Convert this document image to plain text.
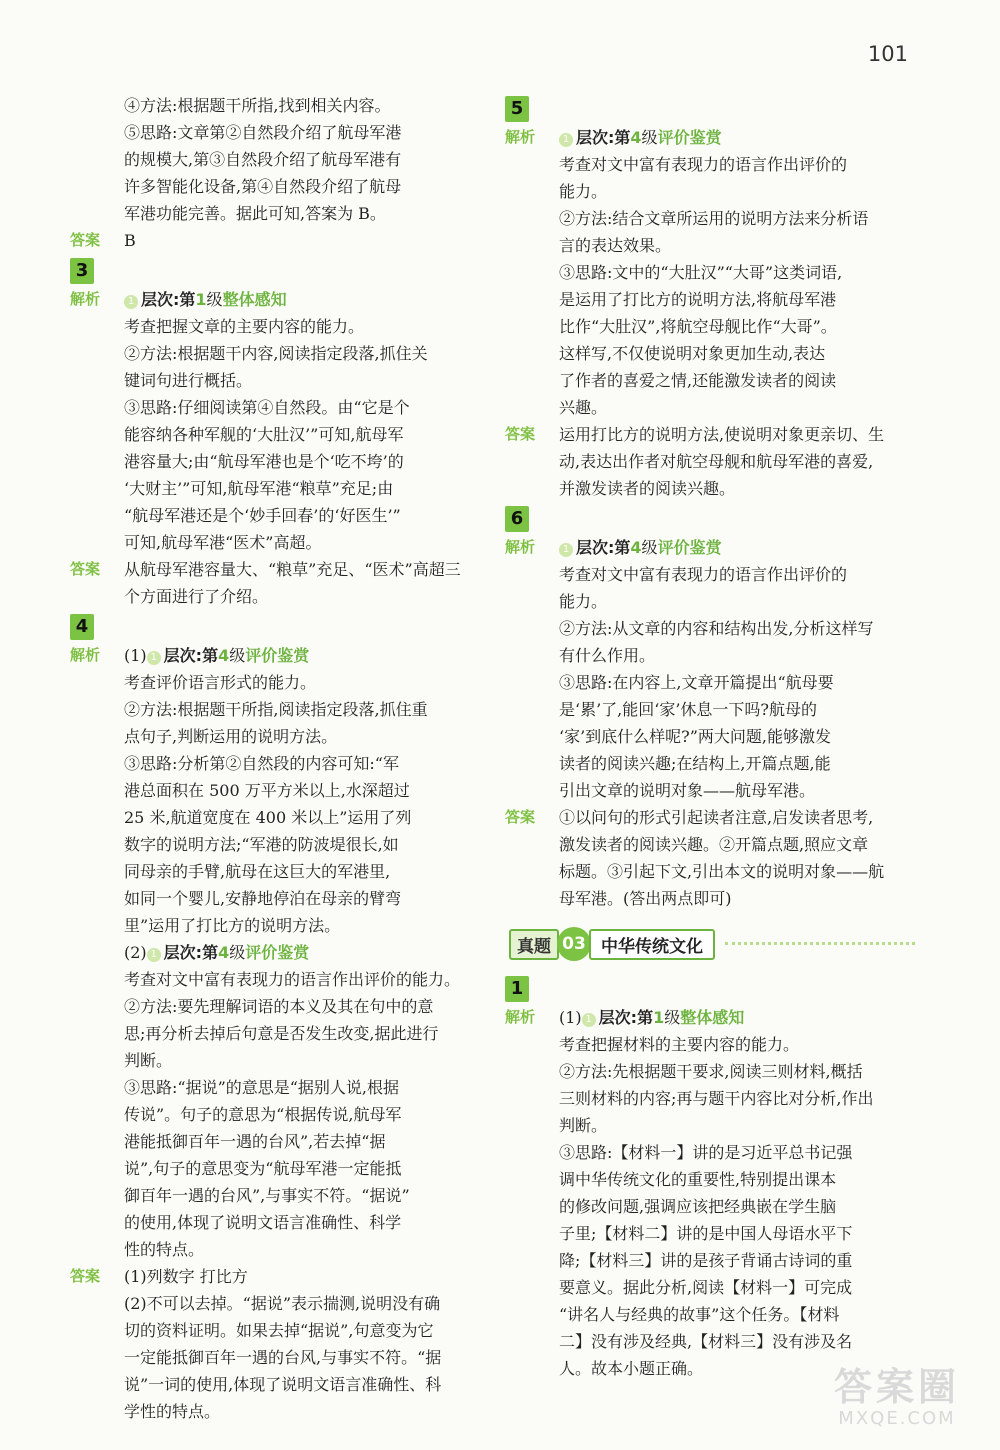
101
④方法:根据题干所指,找到相关内容。
⑤思路:文章第②自然段介绍了航母军港
的规模大,第③自然段介绍了航母军港有
许多智能化设备,第④自然段介绍了航母
军港功能完善。据此可知,答案为 B。
答案 B
3
解析	1 层次:第1级整体感知
考查把握文章的主要内容的能力。
②方法:根据题干内容,阅读指定段落,抓住关
键词句进行概括。
③思路:仔细阅读第④自然段。由“它是个
能容纳各种军舰的‘大肚汉’”可知,航母军
港容量大;由“航母军港也是个‘吃不垮’的
‘大财主’”可知,航母军港“粮草”充足;由
“航母军港还是个‘妙手回春’的‘好医生’”
可知,航母军港“医术”高超。
答案 从航母军港容量大、“粮草”充足、“医术”高超三
个方面进行了介绍。
4
解析 (1) 1 层次:第4级评价鉴赏
考查评价语言形式的能力。
②方法:根据题干所指,阅读指定段落,抓住重
点句子,判断运用的说明方法。
③思路:分析第②自然段的内容可知:“军
港总面积在 500 万平方米以上,水深超过
25 米,航道宽度在 400 米以上”运用了列
数字的说明方法;“军港的防波堤很长,如
同母亲的手臂,航母在这巨大的军港里,
如同一个婴儿,安静地停泊在母亲的臂弯
里”运用了打比方的说明方法。
(2) 1 层次:第4级评价鉴赏
考查对文中富有表现力的语言作出评价的能力。
②方法:要先理解词语的本义及其在句中的意
思;再分析去掉后句意是否发生改变,据此进行
判断。
③思路:“据说”的意思是“据别人说,根据
传说”。句子的意思为“根据传说,航母军
港能抵御百年一遇的台风”,若去掉“据
说”,句子的意思变为“航母军港一定能抵
御百年一遇的台风”,与事实不符。“据说”
的使用,体现了说明文语言准确性、科学
性的特点。
答案 (1)列数字 打比方
(2)不可以去掉。“据说”表示揣测,说明没有确
切的资料证明。如果去掉“据说”,句意变为它
一定能抵御百年一遇的台风,与事实不符。“据
说”一词的使用,体现了说明文语言准确性、科
学性的特点。
5
解析	1 层次:第4级评价鉴赏
考查对文中富有表现力的语言作出评价的
能力。
②方法:结合文章所运用的说明方法来分析语
言的表达效果。
③思路:文中的“大肚汉”“大哥”这类词语,
是运用了打比方的说明方法,将航母军港
比作“大肚汉”,将航空母舰比作“大哥”。
这样写,不仅使说明对象更加生动,表达
了作者的喜爱之情,还能激发读者的阅读
兴趣。
答案 运用打比方的说明方法,使说明对象更亲切、生
动,表达出作者对航空母舰和航母军港的喜爱,
并激发读者的阅读兴趣。
6
解析	1 层次:第4级评价鉴赏
考查对文中富有表现力的语言作出评价的
能力。
②方法:从文章的内容和结构出发,分析这样写
有什么作用。
③思路:在内容上,文章开篇提出“航母要
是‘累’了,能回‘家’休息一下吗?航母的
‘家’到底什么样呢?”两大问题,能够激发
读者的阅读兴趣;在结构上,开篇点题,能
引出文章的说明对象——航母军港。
答案 ①以问句的形式引起读者注意,启发读者思考,
激发读者的阅读兴趣。②开篇点题,照应文章
标题。③引起下文,引出本文的说明对象——航
母军港。(答出两点即可)
真题 03 中华传统文化
1
解析 (1) 1 层次:第1级整体感知
考查把握材料的主要内容的能力。
②方法:先根据题干要求,阅读三则材料,概括
三则材料的内容;再与题干内容比对分析,作出
判断。
③思路:【材料一】讲的是习近平总书记强
调中华传统文化的重要性,特别提出课本
的修改问题,强调应该把经典嵌在学生脑
子里;【材料二】讲的是中国人母语水平下
降;【材料三】讲的是孩子背诵古诗词的重
要意义。据此分析,阅读【材料一】可完成
“讲名人与经典的故事”这个任务。【材料
二】没有涉及经典,【材料三】没有涉及名
人。故本小题正确。	答案圈
MXQE.COM
